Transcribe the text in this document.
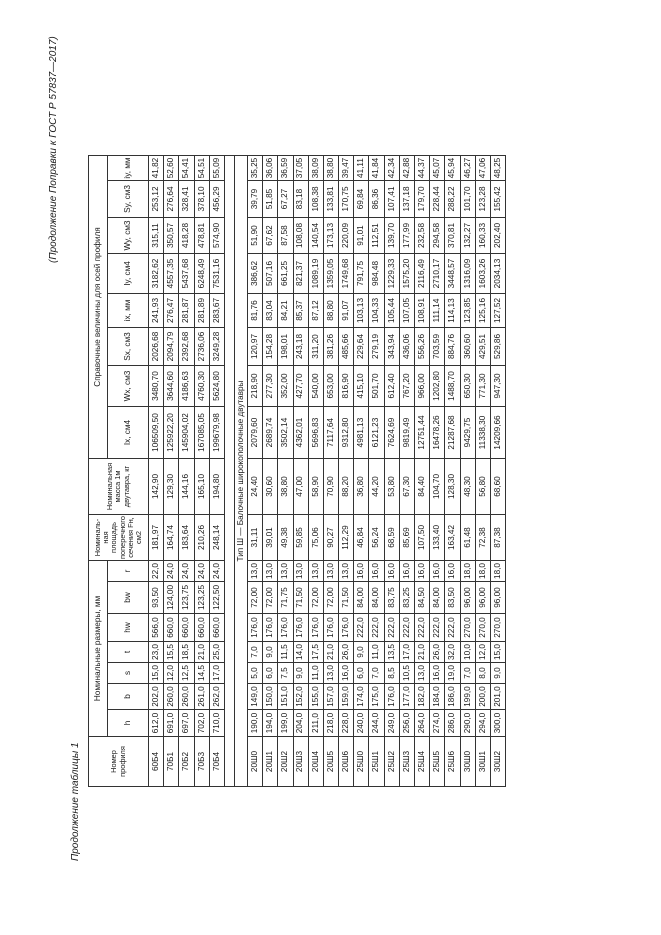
(Продолжение Поправки к ГОСТ Р 57837—2017)
Продолжение таблицы 1	Номер профиля	Номинальные размеры, мм							Номиналь-ная площадь поперечного сечения Fн, см2	Номинальная масса 1м двутавра, кг	Справочные величины для осей профиля							
	h	b	s	t	hw	bw	r			Ix, см4	Wx, см3	Sx, см3	ix, мм	Iy, см4	Wy, см3	Sy, см3	iy, мм
60Б4	612,0	202,0	15,0	23,0	566,0	93,50	22,0	181,97	142,90	106509,50	3480,70	2026,68	241,93	3182,62	315,11	253,12	41,82
70Б1	691,0	260,0	12,0	15,5	660,0	124,00	24,0	164,74	129,30	125922,20	3644,60	2094,79	276,47	4557,35	350,57	276,64	52,60
70Б2	697,0	260,0	12,5	18,5	660,0	123,75	24,0	183,64	144,16	145904,02	4186,63	2392,68	281,87	5437,68	418,28	328,41	54,41
70Б3	702,0	261,0	14,5	21,0	660,0	123,25	24,0	210,26	165,10	167085,05	4760,30	2736,06	281,89	6248,49	478,81	378,10	54,51
70Б4	710,0	262,0	17,0	25,0	660,0	122,50	24,0	248,14	194,80	199679,98	5624,80	3249,28	283,67	7531,16	574,90	456,29	55,09

Тип Ш — Балочные широкополочные двутавры																	
20Ш0	190,0	149,0	5,0	7,0	176,0	72,00	13,0	31,11	24,40	2079,60	218,90	120,97	81,76	386,62	51,90	39,79	35,25
20Ш1	194,0	150,0	6,0	9,0	176,0	72,00	13,0	39,01	30,60	2689,74	277,30	154,28	83,04	507,16	67,62	51,85	36,06
20Ш2	199,0	151,0	7,5	11,5	176,0	71,75	13,0	49,38	38,80	3502,14	352,00	198,01	84,21	661,25	87,58	67,27	36,59
20Ш3	204,0	152,0	9,0	14,0	176,0	71,50	13,0	59,85	47,00	4362,01	427,70	243,18	85,37	821,37	108,08	83,18	37,05
20Ш4	211,0	155,0	11,0	17,5	176,0	72,00	13,0	75,06	58,90	5696,83	540,00	311,20	87,12	1089,19	140,54	108,38	38,09
20Ш5	218,0	157,0	13,0	21,0	176,0	72,00	13,0	90,27	70,90	7117,64	653,00	381,26	88,80	1359,05	173,13	133,81	38,80
20Ш6	228,0	159,0	16,0	26,0	176,0	71,50	13,0	112,29	88,20	9312,80	816,90	485,66	91,07	1749,68	220,09	170,75	39,47
25Ш0	240,0	174,0	6,0	9,0	222,0	84,00	16,0	46,84	36,80	4981,13	415,10	229,64	103,13	791,75	91,01	69,84	41,11
25Ш1	244,0	175,0	7,0	11,0	222,0	84,00	16,0	56,24	44,20	6121,23	501,70	279,19	104,33	984,48	112,51	86,36	41,84
25Ш2	249,0	176,0	8,5	13,5	222,0	83,75	16,0	68,59	53,80	7624,69	612,40	343,94	105,44	1229,33	139,70	107,41	42,34
25Ш3	256,0	177,0	10,5	17,0	222,0	83,25	16,0	85,69	67,30	9819,49	767,20	436,06	107,05	1575,20	177,99	137,18	42,88
25Ш4	264,0	182,0	13,0	21,0	222,0	84,50	16,0	107,50	84,40	12751,44	966,00	556,26	108,91	2116,49	232,58	179,70	44,37
25Ш5	274,0	184,0	16,0	26,0	222,0	84,00	16,0	133,40	104,70	16478,26	1202,80	703,59	111,14	2710,17	294,58	228,44	45,07
25Ш6	286,0	186,0	19,0	32,0	222,0	83,50	16,0	163,42	128,30	21287,68	1488,70	884,76	114,13	3448,57	370,81	288,22	45,94
30Ш0	290,0	199,0	7,0	10,0	270,0	96,00	18,0	61,48	48,30	9429,75	650,30	360,60	123,85	1316,09	132,27	101,70	46,27
30Ш1	294,0	200,0	8,0	12,0	270,0	96,00	18,0	72,38	56,80	11338,30	771,30	429,51	125,16	1603,26	160,33	123,28	47,06
30Ш2	300,0	201,0	9,0	15,0	270,0	96,00	18,0	87,38	68,60	14209,66	947,30	529,86	127,52	2034,13	202,40	155,42	48,25
